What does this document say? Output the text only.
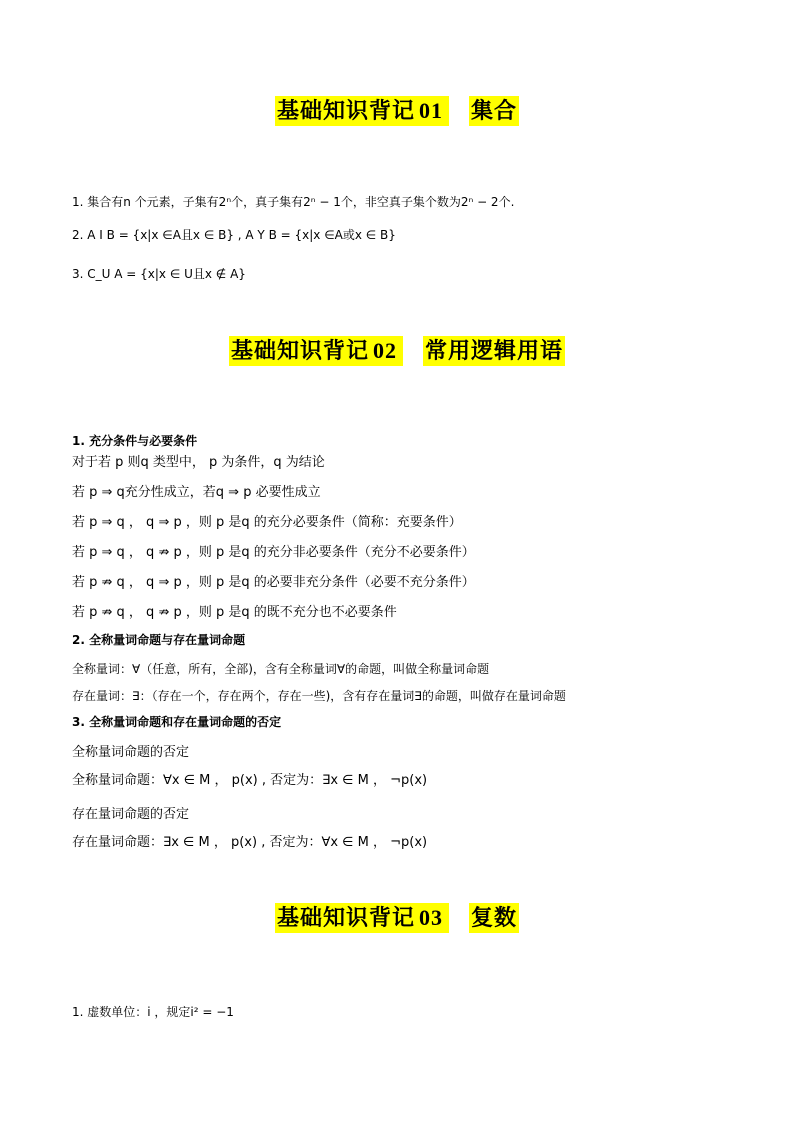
基础知识背记 01 集合
1. 集合有n 个元素，子集有2ⁿ个，真子集有2ⁿ − 1个，非空真子集个数为2ⁿ − 2个.
2. A I B = {x|x ∈A且x ∈ B} , A Y B = {x|x ∈A或x ∈ B}
3. C_U A = {x|x ∈ U且x ∉ A}
基础知识背记 02 常用逻辑用语
1. 充分条件与必要条件
对于若 p 则q 类型中， p 为条件，q 为结论
若 p ⇒ q充分性成立，若q ⇒ p 必要性成立
若 p ⇒ q ， q ⇒ p ，则 p 是q 的充分必要条件（简称：充要条件）
若 p ⇒ q ， q ⇏ p ，则 p 是q 的充分非必要条件（充分不必要条件）
若 p ⇏ q ， q ⇒ p ，则 p 是q 的必要非充分条件（必要不充分条件）
若 p ⇏ q ， q ⇏ p ，则 p 是q 的既不充分也不必要条件
2. 全称量词命题与存在量词命题
全称量词：∀（任意，所有，全部)，含有全称量词∀的命题，叫做全称量词命题
存在量词：∃：（存在一个，存在两个，存在一些)，含有存在量词∃的命题，叫做存在量词命题
3. 全称量词命题和存在量词命题的否定
全称量词命题的否定
全称量词命题：∀x ∈ M ， p(x) , 否定为：∃x ∈ M ， ¬p(x)
存在量词命题的否定
存在量词命题：∃x ∈ M ， p(x) , 否定为：∀x ∈ M ， ¬p(x)
基础知识背记 03 复数
1. 虚数单位：i ，规定i² = −1
